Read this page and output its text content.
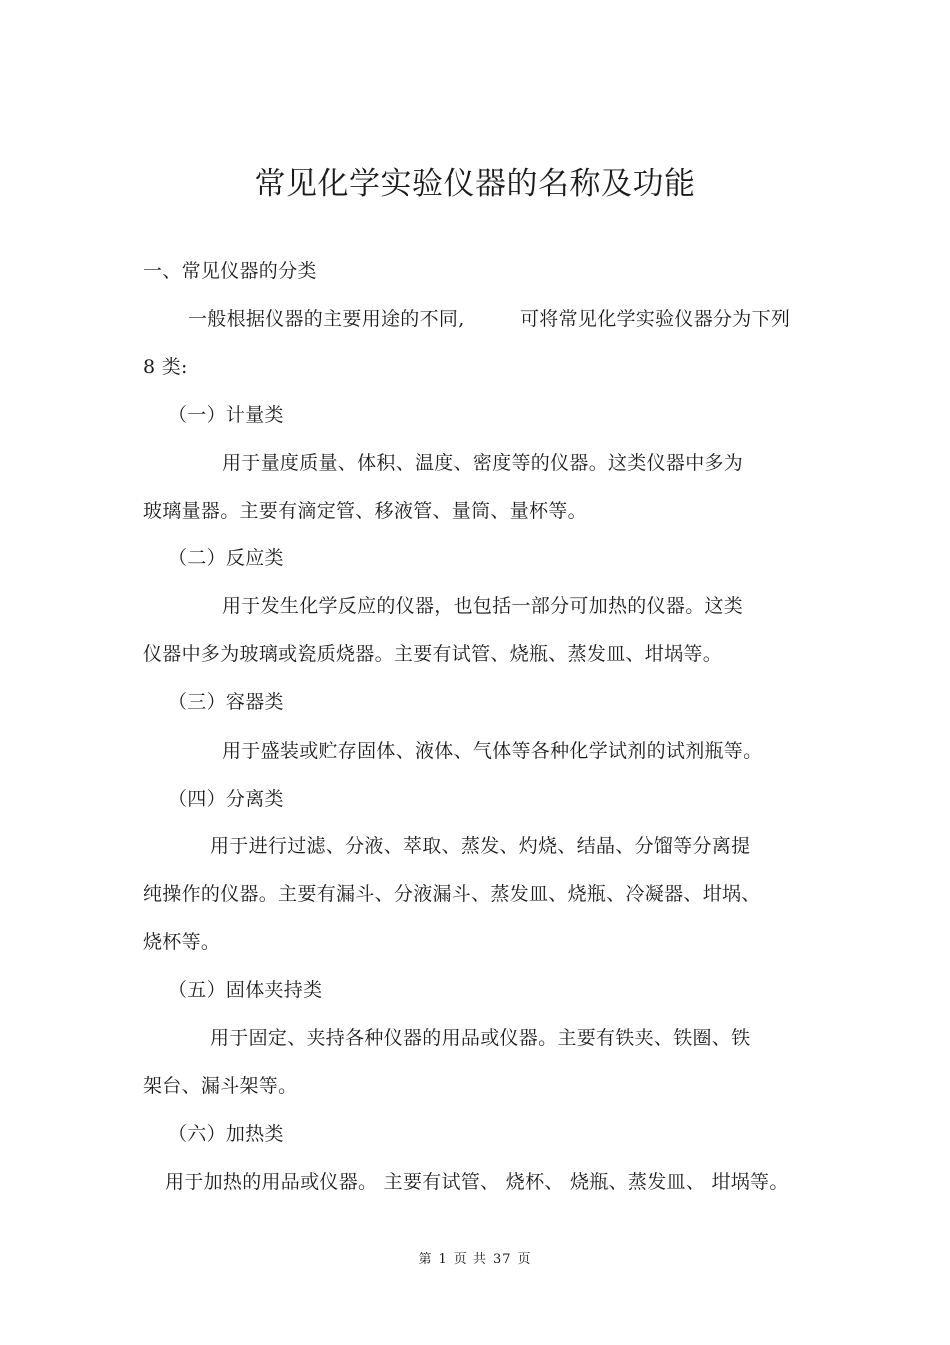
常见化学实验仪器的名称及功能
一、常见仪器的分类
一般根据仪器的主要用途的不同,	可将常见化学实验仪器分为下列
8 类:
（一）计量类
用于量度质量、体积、温度、密度等的仪器。这类仪器中多为
玻璃量器。主要有滴定管、移液管、量筒、量杯等。
（二）反应类
用于发生化学反应的仪器，也包括一部分可加热的仪器。这类
仪器中多为玻璃或瓷质烧器。主要有试管、烧瓶、蒸发皿、坩埚等。
（三）容器类
用于盛装或贮存固体、液体、气体等各种化学试剂的试剂瓶等。
（四）分离类
用于进行过滤、分液、萃取、蒸发、灼烧、结晶、分馏等分离提
纯操作的仪器。主要有漏斗、分液漏斗、蒸发皿、烧瓶、冷凝器、坩埚、
烧杯等。
（五）固体夹持类
用于固定、夹持各种仪器的用品或仪器。主要有铁夹、铁圈、铁
架台、漏斗架等。
（六）加热类
用于加热的用品或仪器。 主要有试管、 烧杯、 烧瓶、蒸发皿、 坩埚等。
第 1 页 共 37 页
